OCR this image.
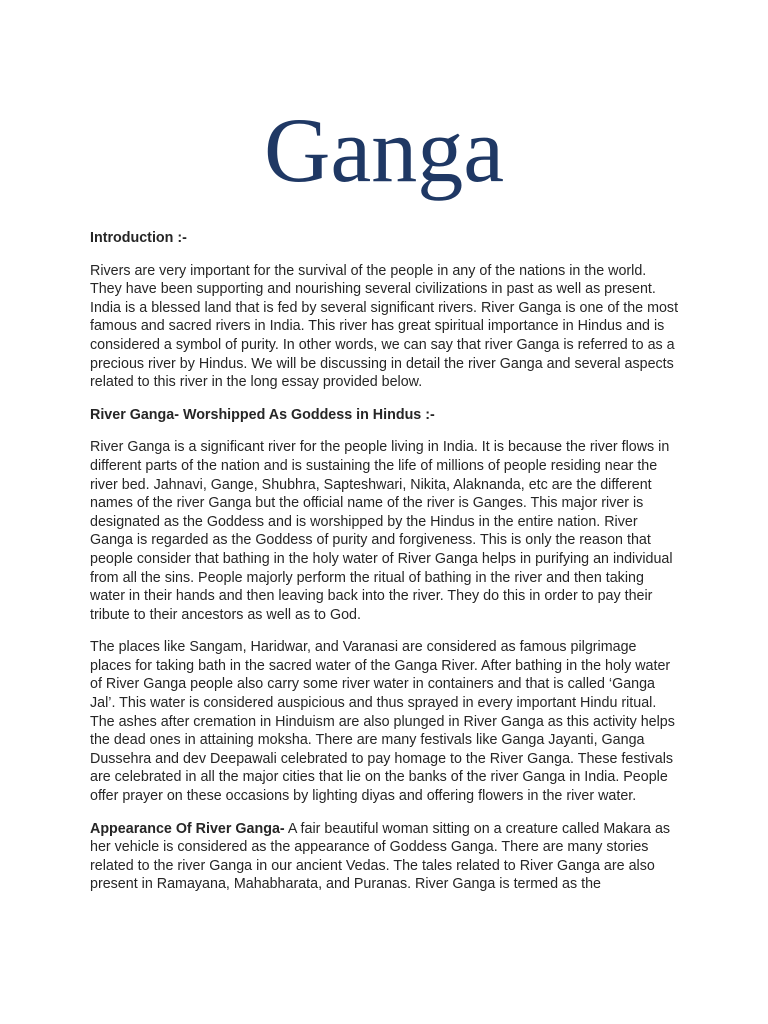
Ganga

Introduction :-

Rivers are very important for the survival of the people in any of the nations in the world. They have been supporting and nourishing several civilizations in past as well as present. India is a blessed land that is fed by several significant rivers. River Ganga is one of the most famous and sacred rivers in India. This river has great spiritual importance in Hindus and is considered a symbol of purity. In other words, we can say that river Ganga is referred to as a precious river by Hindus. We will be discussing in detail the river Ganga and several aspects related to this river in the long essay provided below.

River Ganga- Worshipped As Goddess in Hindus :-

River Ganga is a significant river for the people living in India. It is because the river flows in different parts of the nation and is sustaining the life of millions of people residing near the river bed. Jahnavi, Gange, Shubhra, Sapteshwari, Nikita, Alaknanda, etc are the different names of the river Ganga but the official name of the river is Ganges. This major river is designated as the Goddess and is worshipped by the Hindus in the entire nation. River Ganga is regarded as the Goddess of purity and forgiveness. This is only the reason that people consider that bathing in the holy water of River Ganga helps in purifying an individual from all the sins. People majorly perform the ritual of bathing in the river and then taking water in their hands and then leaving back into the river. They do this in order to pay their tribute to their ancestors as well as to God.

The places like Sangam, Haridwar, and Varanasi are considered as famous pilgrimage places for taking bath in the sacred water of the Ganga River. After bathing in the holy water of River Ganga people also carry some river water in containers and that is called ‘Ganga Jal’. This water is considered auspicious and thus sprayed in every important Hindu ritual. The ashes after cremation in Hinduism are also plunged in River Ganga as this activity helps the dead ones in attaining moksha. There are many festivals like Ganga Jayanti, Ganga Dussehra and dev Deepawali celebrated to pay homage to the River Ganga. These festivals are celebrated in all the major cities that lie on the banks of the river Ganga in India. People offer prayer on these occasions by lighting diyas and offering flowers in the river water.

Appearance Of River Ganga- A fair beautiful woman sitting on a creature called Makara as her vehicle is considered as the appearance of Goddess Ganga. There are many stories related to the river Ganga in our ancient Vedas. The tales related to River Ganga are also present in Ramayana, Mahabharata, and Puranas. River Ganga is termed as the
